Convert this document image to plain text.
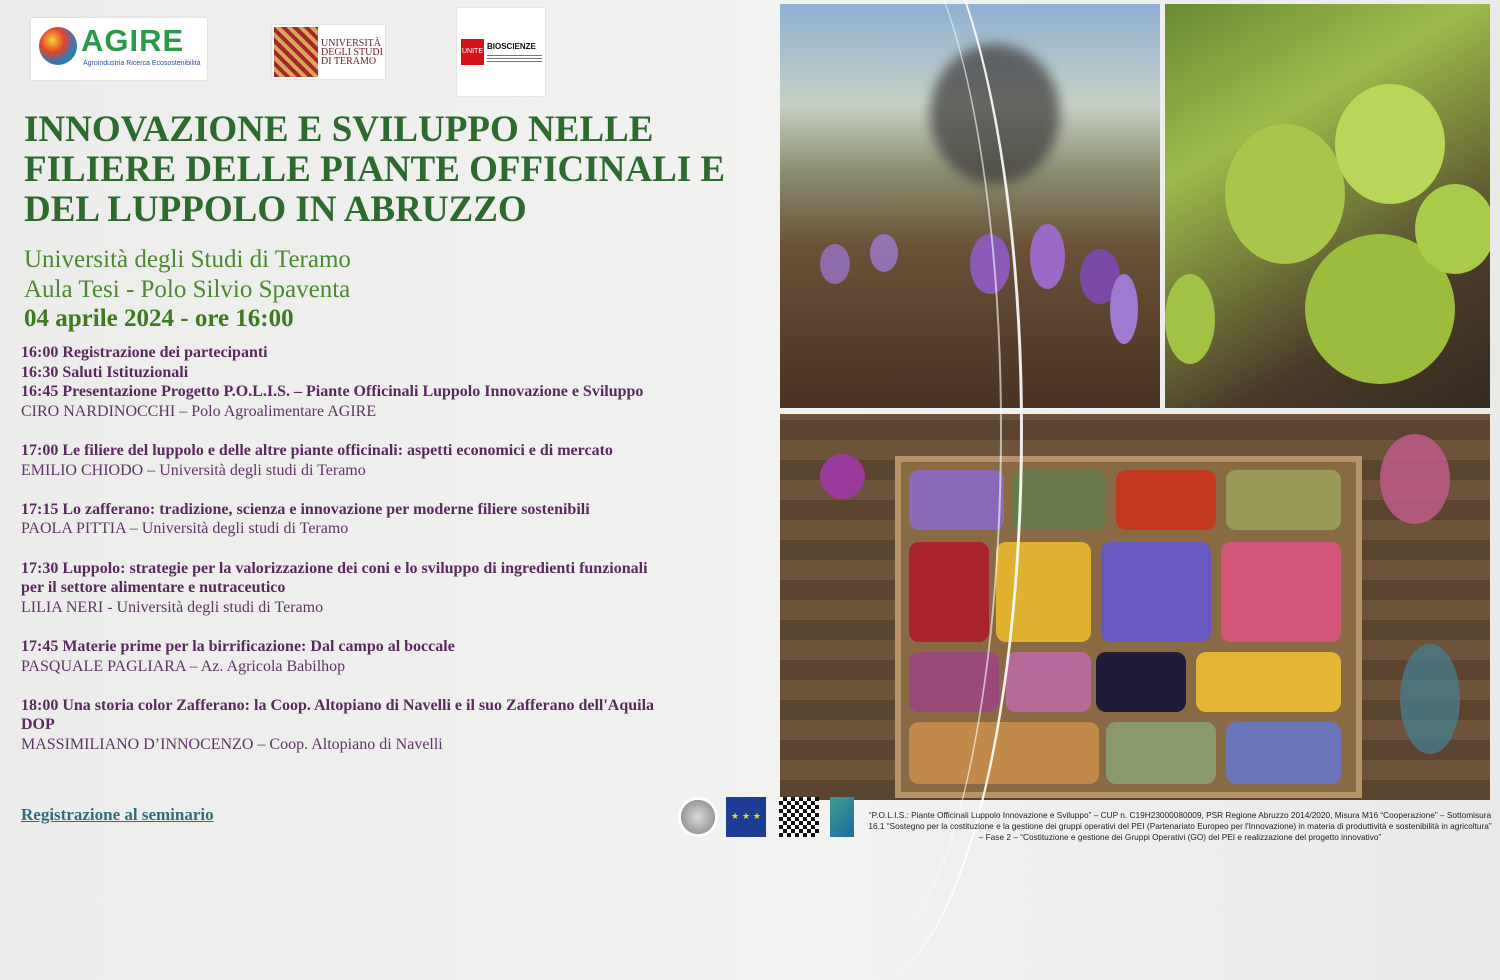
AGIRE
Agroindustria Ricerca Ecosostenibilità
UNIVERSITÀ DEGLI STUDI DI TERAMO
UNITE
BIOSCIENZE
INNOVAZIONE E SVILUPPO NELLE FILIERE DELLE PIANTE OFFICINALI E DEL LUPPOLO IN ABRUZZO

Università degli Studi di Teramo

Aula Tesi - Polo Silvio Spaventa

04 aprile 2024 - ore 16:00
16:00 Registrazione dei partecipanti
16:30 Saluti Istituzionali
16:45 Presentazione Progetto P.O.L.I.S. – Piante Officinali Luppolo Innovazione e Sviluppo
CIRO NARDINOCCHI – Polo Agroalimentare AGIRE
17:00 Le filiere del luppolo e delle altre piante officinali: aspetti economici e di mercato
EMILIO CHIODO – Università degli studi di Teramo
17:15 Lo zafferano: tradizione, scienza e innovazione per moderne filiere sostenibili
PAOLA PITTIA – Università degli studi di Teramo
17:30 Luppolo: strategie per la valorizzazione dei coni e lo sviluppo di ingredienti funzionali per il settore alimentare e nutraceutico
LILIA NERI - Università degli studi di Teramo
17:45 Materie prime per la birrificazione: Dal campo al boccale
PASQUALE PAGLIARA – Az. Agricola Babilhop
18:00 Una storia color Zafferano: la Coop. Altopiano di Navelli e il suo Zafferano dell'Aquila DOP
MASSIMILIANO D’INNOCENZO – Coop. Altopiano di Navelli
Registrazione al seminario	★ ★ ★	“P.O.L.I.S.: Piante Officinali Luppolo Innovazione e Sviluppo” – CUP n. C19H23000080009, PSR Regione Abruzzo 2014/2020, Misura M16 “Cooperazione” – Sottomisura 16.1 “Sostegno per la costituzione e la gestione dei gruppi operativi del PEI (Partenariato Europeo per l'Innovazione) in materia di produttività e sostenibilità in agricoltura” – Fase 2 – “Costituzione e gestione dei Gruppi Operativi (GO) del PEI e realizzazione del progetto innovativo”
